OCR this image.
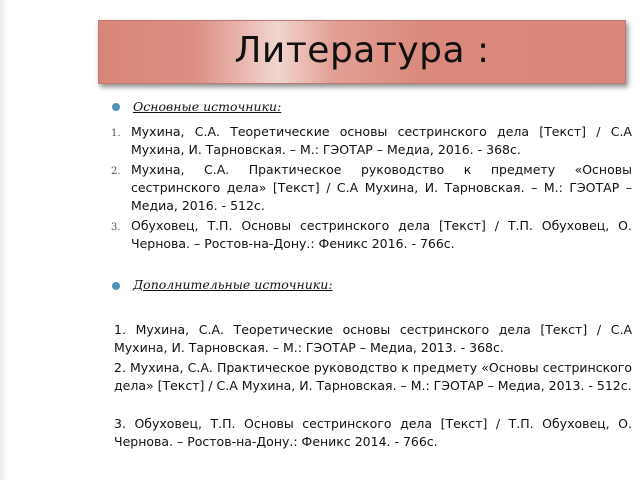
Литература :
Основные источники:
1. Мухина, С.А. Теоретические основы сестринского дела [Текст] / С.А Мухина, И. Тарновская. – М.: ГЭОТАР – Медиа, 2016. - 368с.
2. Мухина, С.А. Практическое руководство к предмету «Основы сестринского дела» [Текст] / С.А Мухина, И. Тарновская. – М.: ГЭОТАР – Медиа, 2016. - 512с.
3. Обуховец, Т.П. Основы сестринского дела [Текст] / Т.П. Обуховец, О. Чернова. – Ростов-на-Дону.: Феникс 2016. - 766с.
Дополнительные источники:
1. Мухина, С.А. Теоретические основы сестринского дела [Текст] / С.А Мухина, И. Тарновская. – М.: ГЭОТАР – Медиа, 2013. - 368с.
2. Мухина, С.А. Практическое руководство к предмету «Основы сестринского дела» [Текст] / С.А Мухина, И. Тарновская. – М.: ГЭОТАР – Медиа, 2013. - 512с.
3. Обуховец, Т.П. Основы сестринского дела [Текст] / Т.П. Обуховец, О. Чернова. – Ростов-на-Дону.: Феникс 2014. - 766с.
